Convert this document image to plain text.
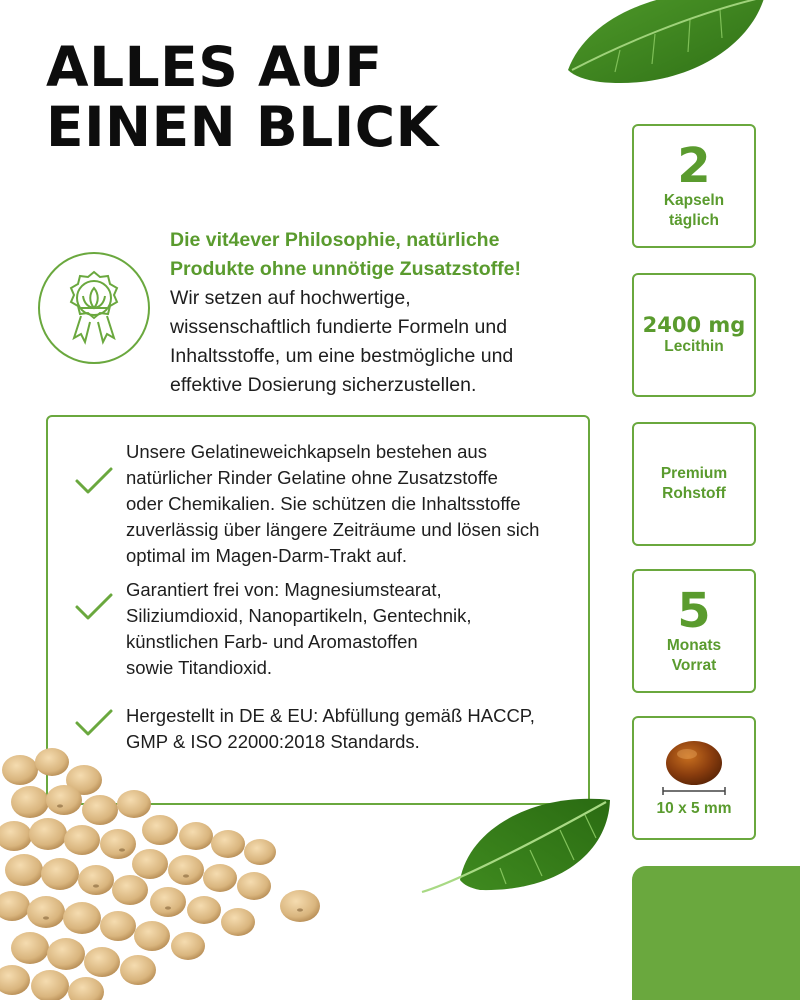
ALLES AUF
EINEN BLICK
Die vit4ever Philosophie, natürliche
Produkte ohne unnötige Zusatzstoffe!
Wir setzen auf hochwertige,
wissenschaftlich fundierte Formeln und
Inhaltsstoffe, um eine bestmögliche und
effektive Dosierung sicherzustellen.
Unsere Gelatineweichkapseln bestehen aus
natürlicher Rinder Gelatine ohne Zusatzstoffe
oder Chemikalien. Sie schützen die Inhaltsstoffe
zuverlässig über längere Zeiträume und lösen sich
optimal im Magen-Darm-Trakt auf.
Garantiert frei von: Magnesiumstearat,
Siliziumdioxid, Nanopartikeln, Gentechnik,
künstlichen Farb- und Aromastoffen
sowie Titandioxid.
Hergestellt in DE & EU: Abfüllung gemäß HACCP,
GMP & ISO 22000:2018 Standards.
2
Kapseln
täglich
2400 mg
Lecithin
Premium
Rohstoff
5
Monats
Vorrat
10 x 5 mm
